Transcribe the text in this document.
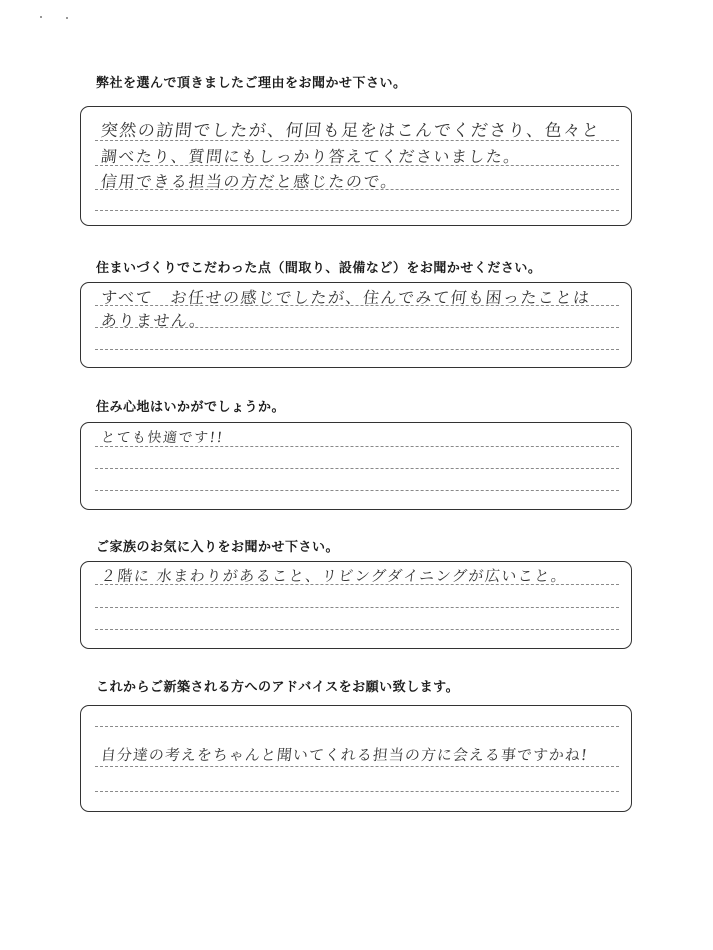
弊社を選んで頂きましたご理由をお聞かせ下さい。
突然の訪問でしたが、何回も足をはこんでくださり、色々と
調べたり、質問にもしっかり答えてくださいました。
信用できる担当の方だと感じたので。
住まいづくりでこだわった点（間取り、設備など）をお聞かせください。
すべて　お任せの感じでしたが、住んでみて何も困ったことは
ありません。
住み心地はいかがでしょうか。
とても快適です!!
ご家族のお気に入りをお聞かせ下さい。
２階に 水まわりがあること、リビングダイニングが広いこと。
これからご新築される方へのアドバイスをお願い致します。
自分達の考えをちゃんと聞いてくれる担当の方に会える事ですかね!
